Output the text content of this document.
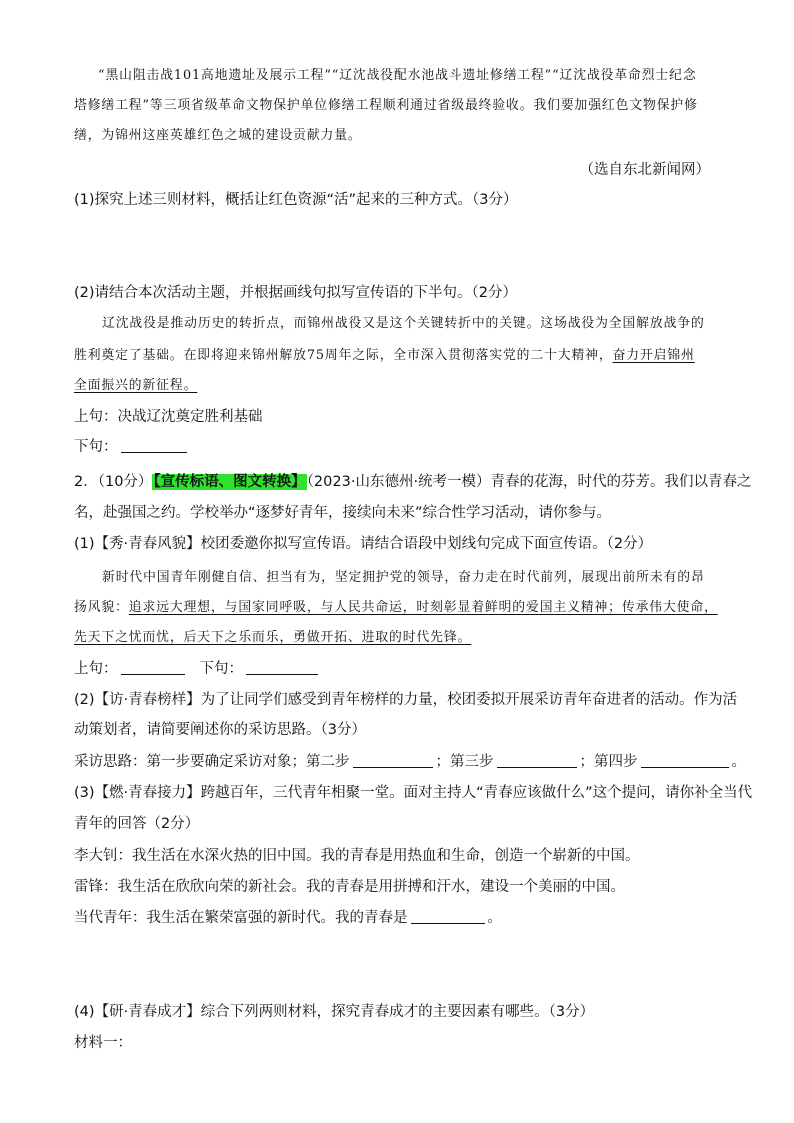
“黑山阻击战101高地遗址及展示工程”“辽沈战役配水池战斗遗址修缮工程”“辽沈战役革命烈士纪念
塔修缮工程”等三项省级革命文物保护单位修缮工程顺利通过省级最终验收。我们要加强红色文物保护修
缮，为锦州这座英雄红色之城的建设贡献力量。
（选自东北新闻网）
(1)探究上述三则材料，概括让红色资源“活”起来的三种方式。（3分）
(2)请结合本次活动主题，并根据画线句拟写宣传语的下半句。（2分）
辽沈战役是推动历史的转折点，而锦州战役又是这个关键转折中的关键。这场战役为全国解放战争的
胜利奠定了基础。在即将迎来锦州解放75周年之际，全市深入贯彻落实党的二十大精神，奋力开启锦州
全面振兴的新征程。
上句：决战辽沈奠定胜利基础
下句：
2．（10分）【宣传标语、图文转换】（2023·山东德州·统考一模）青春的花海，时代的芬芳。我们以青春之
名，赴强国之约。学校举办“逐梦好青年，接续向未来”综合性学习活动，请你参与。
(1)【秀·青春风貌】校团委邀你拟写宣传语。请结合语段中划线句完成下面宣传语。（2分）
新时代中国青年刚健自信、担当有为，坚定拥护党的领导，奋力走在时代前列，展现出前所未有的昂
扬风貌：追求远大理想，与国家同呼吸，与人民共命运，时刻彰显着鲜明的爱国主义精神；传承伟大使命，
先天下之忧而忧，后天下之乐而乐，勇做开拓、进取的时代先锋。
上句：	下句：
(2)【访·青春榜样】为了让同学们感受到青年榜样的力量，校团委拟开展采访青年奋进者的活动。作为活
动策划者，请简要阐述你的采访思路。（3分）
采访思路：第一步要确定采访对象；第二步	；第三步	；第四步	。
(3)【燃·青春接力】跨越百年，三代青年相聚一堂。面对主持人“青春应该做什么”这个提问，请你补全当代
青年的回答（2分）
李大钊：我生活在水深火热的旧中国。我的青春是用热血和生命，创造一个崭新的中国。
雷锋：我生活在欣欣向荣的新社会。我的青春是用拼搏和汗水，建设一个美丽的中国。
当代青年：我生活在繁荣富强的新时代。我的青春是	。
(4)【研·青春成才】综合下列两则材料，探究青春成才的主要因素有哪些。（3分）
材料一：
